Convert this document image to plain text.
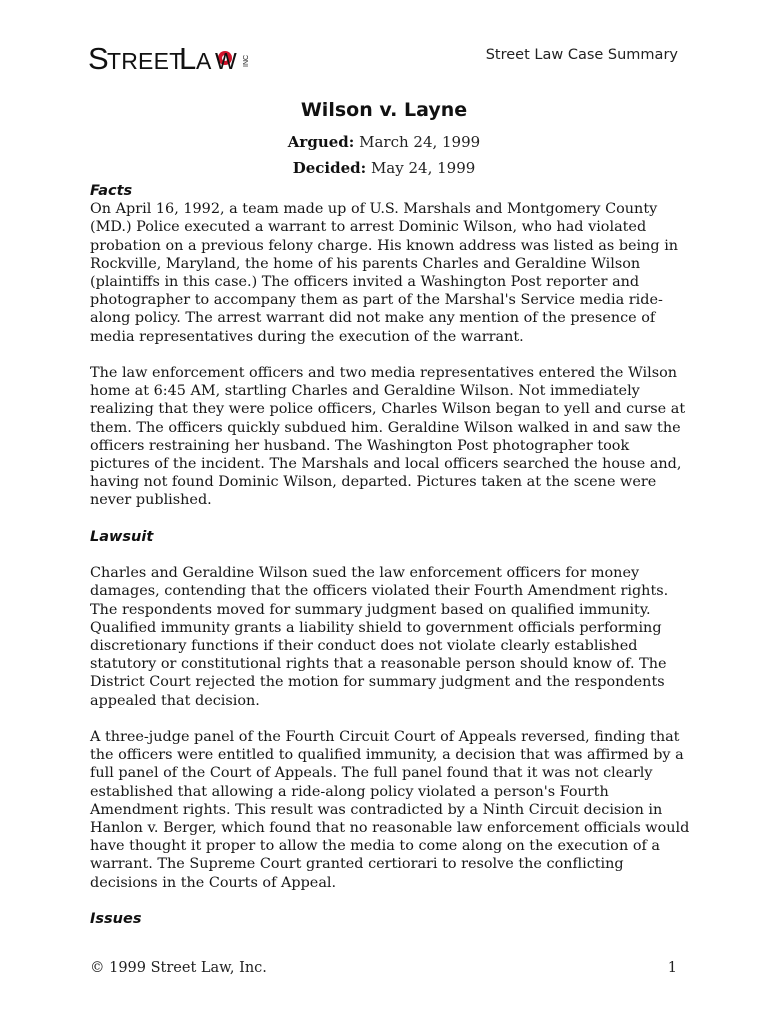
S
TREET
L A W INC	Street Law Case Summary
Wilson v. Layne
Argued: March 24, 1999
Decided: May 24, 1999
Facts

On April 16, 1992, a team made up of U.S. Marshals and Montgomery County (MD.) Police executed a warrant to arrest Dominic Wilson, who had violated probation on a previous felony charge. His known address was listed as being in Rockville, Maryland, the home of his parents Charles and Geraldine Wilson (plaintiffs in this case.) The officers invited a Washington Post reporter and photographer to accompany them as part of the Marshal's Service media ride-along policy. The arrest warrant did not make any mention of the presence of media representatives during the execution of the warrant.

The law enforcement officers and two media representatives entered the Wilson home at 6:45 AM, startling Charles and Geraldine Wilson. Not immediately realizing that they were police officers, Charles Wilson began to yell and curse at them. The officers quickly subdued him. Geraldine Wilson walked in and saw the officers restraining her husband. The Washington Post photographer took pictures of the incident. The Marshals and local officers searched the house and, having not found Dominic Wilson, departed. Pictures taken at the scene were never published.

Lawsuit

Charles and Geraldine Wilson sued the law enforcement officers for money damages, contending that the officers violated their Fourth Amendment rights. The respondents moved for summary judgment based on qualified immunity. Qualified immunity grants a liability shield to government officials performing discretionary functions if their conduct does not violate clearly established statutory or constitutional rights that a reasonable person should know of. The District Court rejected the motion for summary judgment and the respondents appealed that decision.

A three-judge panel of the Fourth Circuit Court of Appeals reversed, finding that the officers were entitled to qualified immunity, a decision that was affirmed by a full panel of the Court of Appeals. The full panel found that it was not clearly established that allowing a ride-along policy violated a person's Fourth Amendment rights. This result was contradicted by a Ninth Circuit decision in Hanlon v. Berger, which found that no reasonable law enforcement officials would have thought it proper to allow the media to come along on the execution of a warrant. The Supreme Court granted certiorari to resolve the conflicting decisions in the Courts of Appeal.

Issues
© 1999 Street Law, Inc.	1
